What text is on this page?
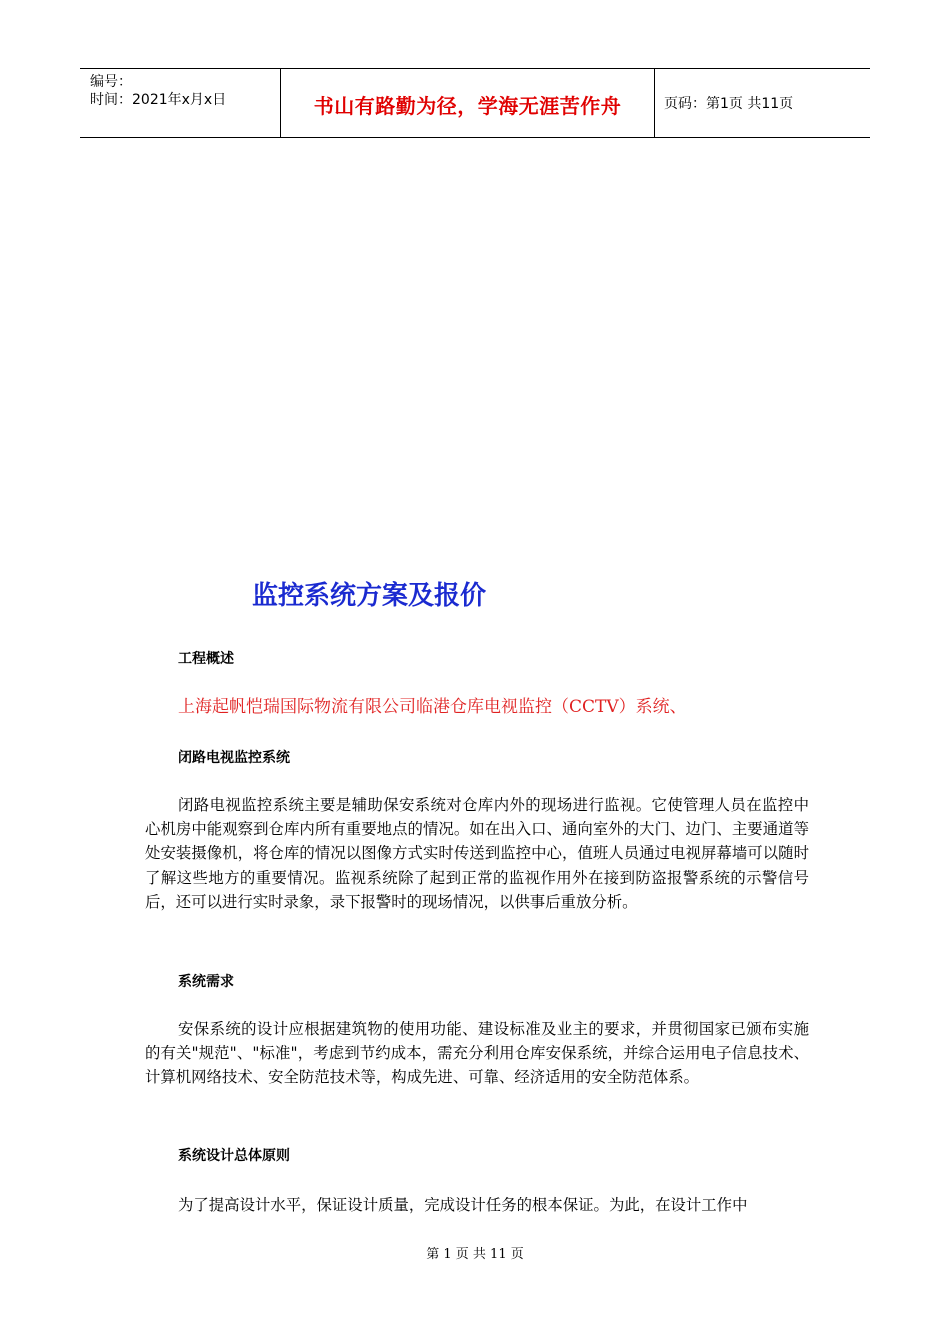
编号：
时间：2021年x月x日	书山有路勤为径，学海无涯苦作舟	页码：第1页 共11页
监控系统方案及报价
工程概述
上海起帆恺瑞国际物流有限公司临港仓库电视监控（CCTV）系统、
闭路电视监控系统

闭路电视监控系统主要是辅助保安系统对仓库内外的现场进行监视。它使管理人员在监控中心机房中能观察到仓库内所有重要地点的情况。如在出入口、通向室外的大门、边门、主要通道等处安装摄像机，将仓库的情况以图像方式实时传送到监控中心，值班人员通过电视屏幕墙可以随时了解这些地方的重要情况。监视系统除了起到正常的监视作用外在接到防盗报警系统的示警信号后，还可以进行实时录象，录下报警时的现场情况，以供事后重放分析。

系统需求

安保系统的设计应根据建筑物的使用功能、建设标准及业主的要求，并贯彻国家已颁布实施的有关"规范"、"标准"，考虑到节约成本，需充分利用仓库安保系统，并综合运用电子信息技术、计算机网络技术、安全防范技术等，构成先进、可靠、经济适用的安全防范体系。

系统设计总体原则

为了提高设计水平，保证设计质量，完成设计任务的根本保证。为此，在设计工作中

第 1 页 共 11 页
